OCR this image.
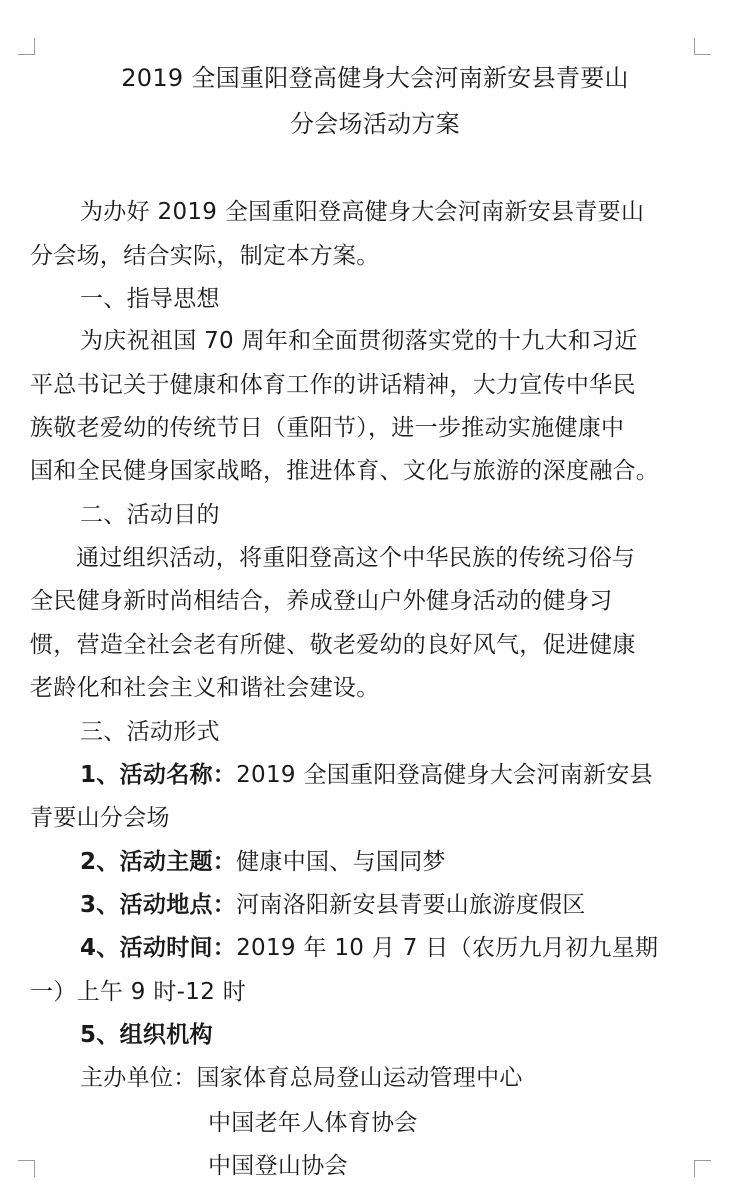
2019 全国重阳登高健身大会河南新安县青要山
分会场活动方案
为办好 2019 全国重阳登高健身大会河南新安县青要山
分会场，结合实际，制定本方案。
一、指导思想
为庆祝祖国 70 周年和全面贯彻落实党的十九大和习近
平总书记关于健康和体育工作的讲话精神，大力宣传中华民
族敬老爱幼的传统节日（重阳节），进一步推动实施健康中
国和全民健身国家战略，推进体育、文化与旅游的深度融合。
二、活动目的
通过组织活动，将重阳登高这个中华民族的传统习俗与
全民健身新时尚相结合，养成登山户外健身活动的健身习
惯，营造全社会老有所健、敬老爱幼的良好风气，促进健康
老龄化和社会主义和谐社会建设。
三、活动形式
1、活动名称：2019 全国重阳登高健身大会河南新安县
青要山分会场
2、活动主题：健康中国、与国同梦
3、活动地点：河南洛阳新安县青要山旅游度假区
4、活动时间：2019 年 10 月 7 日（农历九月初九星期
一）上午 9 时-12 时
5、组织机构
主办单位：国家体育总局登山运动管理中心
中国老年人体育协会
中国登山协会
